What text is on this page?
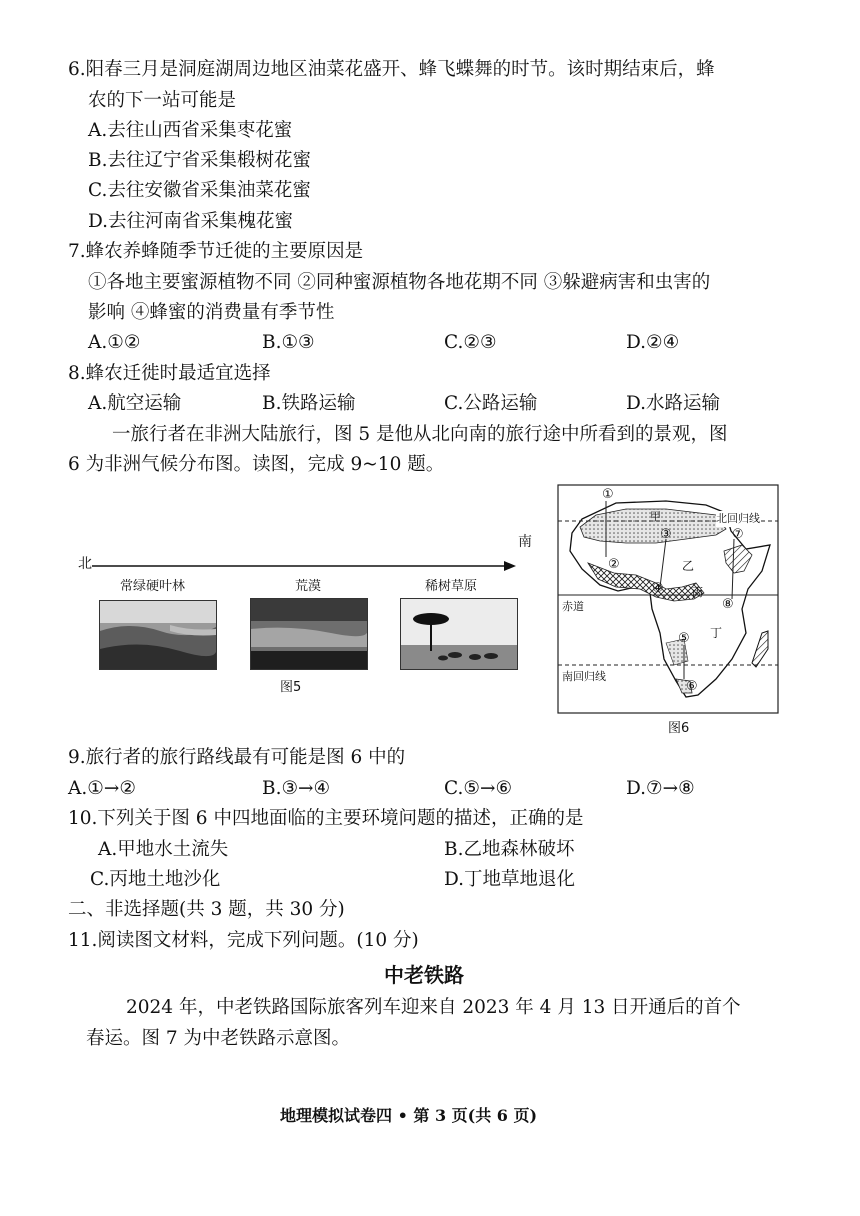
6.阳春三月是洞庭湖周边地区油菜花盛开、蜂飞蝶舞的时节。该时期结束后，蜂
农的下一站可能是
A.去往山西省采集枣花蜜
B.去往辽宁省采集椴树花蜜
C.去往安徽省采集油菜花蜜
D.去往河南省采集槐花蜜
7.蜂农养蜂随季节迁徙的主要原因是
①各地主要蜜源植物不同 ②同种蜜源植物各地花期不同 ③躲避病害和虫害的
影响 ④蜂蜜的消费量有季节性
A.①②	B.①③	C.②③	D.②④
8.蜂农迁徙时最适宜选择
A.航空运输	B.铁路运输	C.公路运输	D.水路运输
一旅行者在非洲大陆旅行，图 5 是他从北向南的旅行途中所看到的景观，图
6 为非洲气候分布图。读图，完成 9~10 题。
北
南
常绿硬叶林	荒漠	稀树草原
图5
北回归线
赤道
南回归线
甲
乙
丙
丁
①
②
③
④
⑤
⑥
⑦
⑧
图6
9.旅行者的旅行路线最有可能是图 6 中的
A.①→②	B.③→④	C.⑤→⑥	D.⑦→⑧
10.下列关于图 6 中四地面临的主要环境问题的描述，正确的是
A.甲地水土流失	B.乙地森林破坏
C.丙地土地沙化	D.丁地草地退化
二、非选择题(共 3 题，共 30 分)
11.阅读图文材料，完成下列问题。(10 分)
中老铁路
2024 年，中老铁路国际旅客列车迎来自 2023 年 4 月 13 日开通后的首个
春运。图 7 为中老铁路示意图。
地理模拟试卷四 • 第 3 页(共 6 页)
